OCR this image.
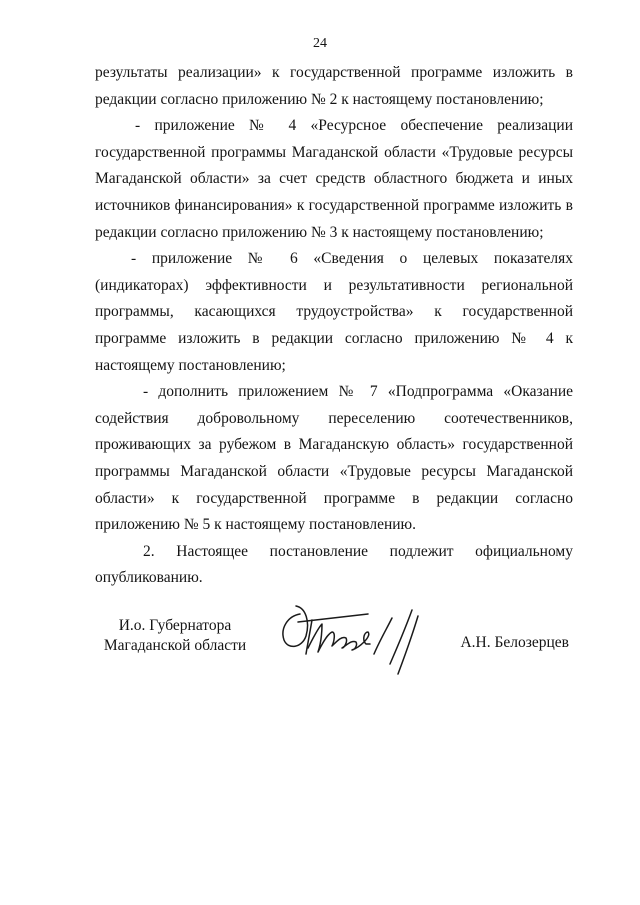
24

результаты реализации» к государственной программе изложить в редакции согласно приложению № 2 к настоящему постановлению;

- приложение № 4 «Ресурсное обеспечение реализации государственной программы Магаданской области «Трудовые ресурсы Магаданской области» за счет средств областного бюджета и иных источников финансирования» к государственной программе изложить в редакции согласно приложению № 3 к настоящему постановлению;

- приложение № 6 «Сведения о целевых показателях (индикаторах) эффективности и результативности региональной программы, касающихся трудоустройства» к государственной программе изложить в редакции согласно приложению № 4 к настоящему постановлению;

- дополнить приложением № 7 «Подпрограмма «Оказание содействия добровольному переселению соотечественников, проживающих за рубежом в Магаданскую область» государственной программы Магаданской области «Трудовые ресурсы Магаданской области» к государственной программе в редакции согласно приложению № 5 к настоящему постановлению.

2. Настоящее постановление подлежит официальному опубликованию.

И.о. Губернатора
Магаданской области	А.Н. Белозерцев
